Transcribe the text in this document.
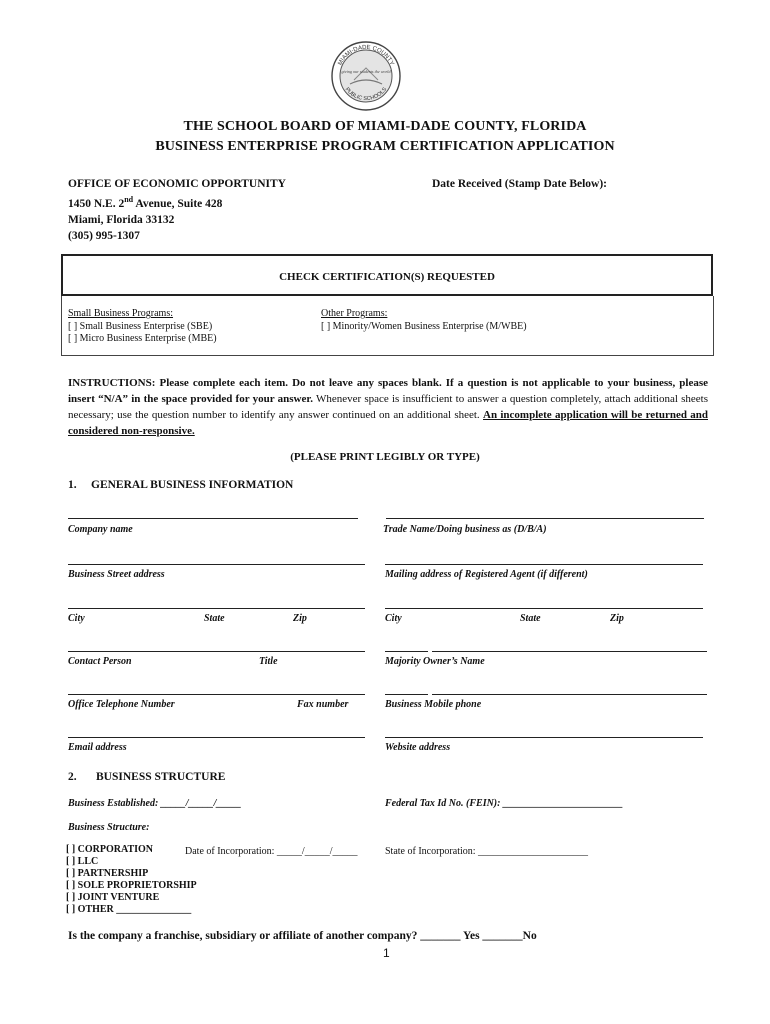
MIAMI-DADE COUNTY
PUBLIC SCHOOLS
giving our students the world
THE SCHOOL BOARD OF MIAMI-DADE COUNTY, FLORIDA
BUSINESS ENTERPRISE PROGRAM CERTIFICATION APPLICATION
OFFICE OF ECONOMIC OPPORTUNITY
1450 N.E. 2nd Avenue, Suite 428
Miami, Florida 33132
(305) 995-1307
Date Received (Stamp Date Below):
CHECK CERTIFICATION(S) REQUESTED
Small Business Programs:
[ ] Small Business Enterprise (SBE)
[ ] Micro Business Enterprise (MBE)
Other Programs:
[ ] Minority/Women Business Enterprise (M/WBE)
INSTRUCTIONS: Please complete each item. Do not leave any spaces blank. If a question is not applicable to your business, please insert “N/A” in the space provided for your answer. Whenever space is insufficient to answer a question completely, attach additional sheets necessary; use the question number to identify any answer continued on an additional sheet. An incomplete application will be returned and considered non-responsive.
(PLEASE PRINT LEGIBLY OR TYPE)
1. GENERAL BUSINESS INFORMATION
Company name	Trade Name/Doing business as (D/B/A)
Business Street address	Mailing address of Registered Agent (if different)
City	State	Zip	City	State	Zip
Contact Person	Title	Majority Owner’s Name
Office Telephone Number	Fax number	Business Mobile phone
Email address	Website address
2. BUSINESS STRUCTURE
Business Established: _____/_____/_____	Federal Tax Id No. (FEIN): ________________________
Business Structure:
[ ] CORPORATION
[ ] LLC
[ ] PARTNERSHIP
[ ] SOLE PROPRIETORSHIP
[ ] JOINT VENTURE
[ ] OTHER _______________
Date of Incorporation: _____/_____/_____	State of Incorporation: ______________________
Is the company a franchise, subsidiary or affiliate of another company? _______ Yes _______No
1
